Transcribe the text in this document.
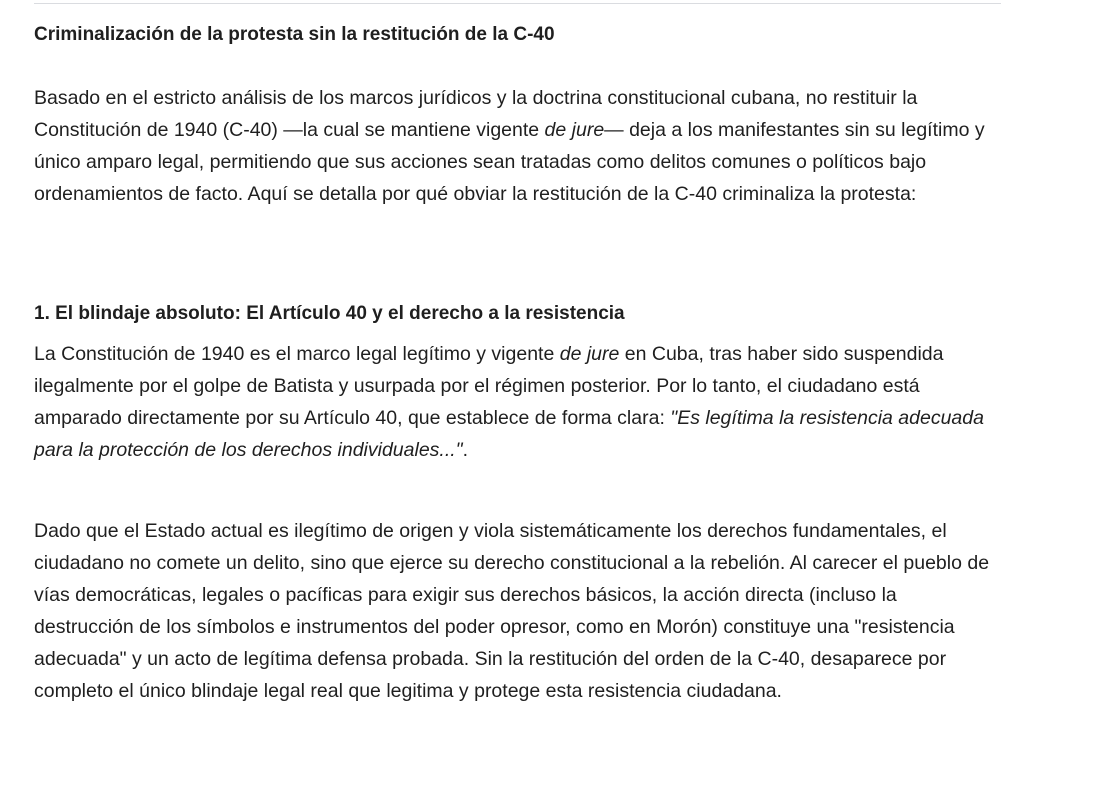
Criminalización de la protesta sin la restitución de la C-40

Basado en el estricto análisis de los marcos jurídicos y la doctrina constitucional cubana, no restituir la Constitución de 1940 (C-40) —la cual se mantiene vigente de jure— deja a los manifestantes sin su legítimo y único amparo legal, permitiendo que sus acciones sean tratadas como delitos comunes o políticos bajo ordenamientos de facto. Aquí se detalla por qué obviar la restitución de la C-40 criminaliza la protesta:

1. El blindaje absoluto: El Artículo 40 y el derecho a la resistencia

La Constitución de 1940 es el marco legal legítimo y vigente de jure en Cuba, tras haber sido suspendida ilegalmente por el golpe de Batista y usurpada por el régimen posterior. Por lo tanto, el ciudadano está amparado directamente por su Artículo 40, que establece de forma clara: "Es legítima la resistencia adecuada para la protección de los derechos individuales...".

Dado que el Estado actual es ilegítimo de origen y viola sistemáticamente los derechos fundamentales, el ciudadano no comete un delito, sino que ejerce su derecho constitucional a la rebelión. Al carecer el pueblo de vías democráticas, legales o pacíficas para exigir sus derechos básicos, la acción directa (incluso la destrucción de los símbolos e instrumentos del poder opresor, como en Morón) constituye una "resistencia adecuada" y un acto de legítima defensa probada. Sin la restitución del orden de la C-40, desaparece por completo el único blindaje legal real que legitima y protege esta resistencia ciudadana.
